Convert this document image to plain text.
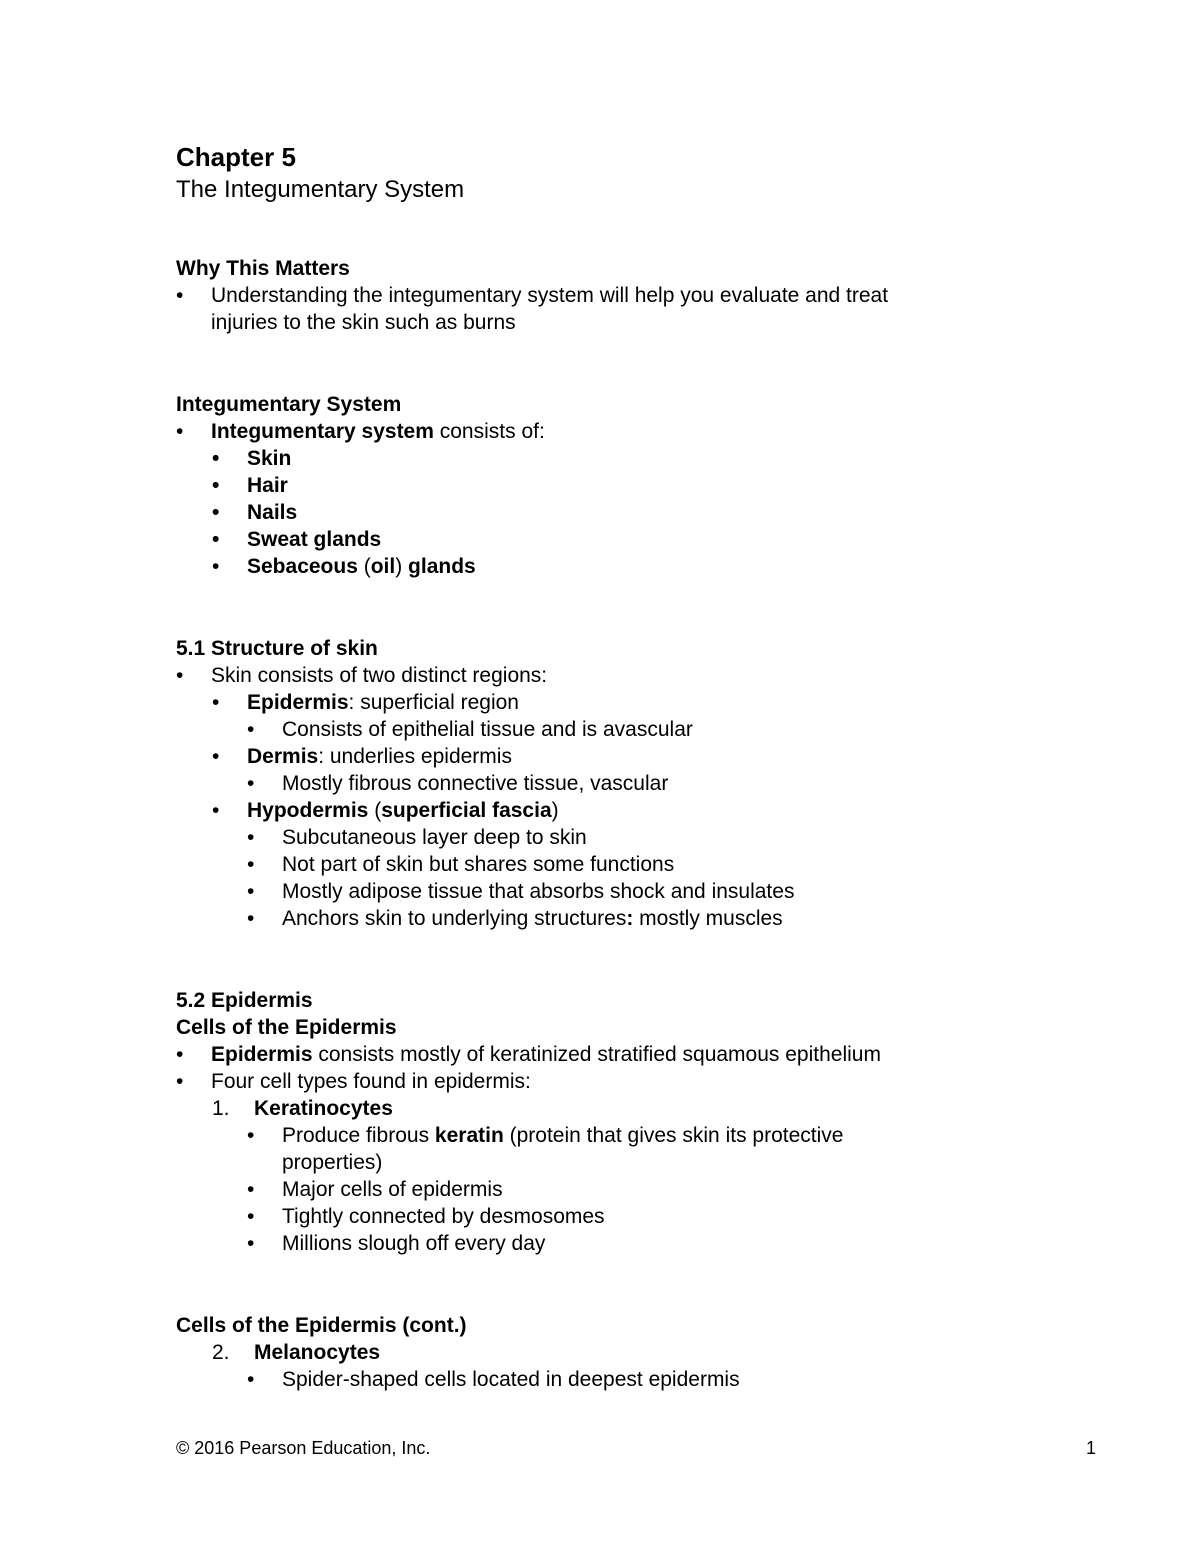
Chapter 5

The Integumentary System

Why This Matters

• Understanding the integumentary system will help you evaluate and treat

injuries to the skin such as burns

Integumentary System

• Integumentary system consists of:

• Skin

• Hair

• Nails

• Sweat glands

• Sebaceous (oil) glands

5.1 Structure of skin

• Skin consists of two distinct regions:

• Epidermis: superficial region

• Consists of epithelial tissue and is avascular

• Dermis: underlies epidermis

• Mostly fibrous connective tissue, vascular

• Hypodermis (superficial fascia)

• Subcutaneous layer deep to skin

• Not part of skin but shares some functions

• Mostly adipose tissue that absorbs shock and insulates

• Anchors skin to underlying structures: mostly muscles

5.2 Epidermis

Cells of the Epidermis

• Epidermis consists mostly of keratinized stratified squamous epithelium

• Four cell types found in epidermis:

1. Keratinocytes

• Produce fibrous keratin (protein that gives skin its protective

properties)

• Major cells of epidermis

• Tightly connected by desmosomes

• Millions slough off every day

Cells of the Epidermis (cont.)

2. Melanocytes

• Spider-shaped cells located in deepest epidermis

© 2016 Pearson Education, Inc.	1
